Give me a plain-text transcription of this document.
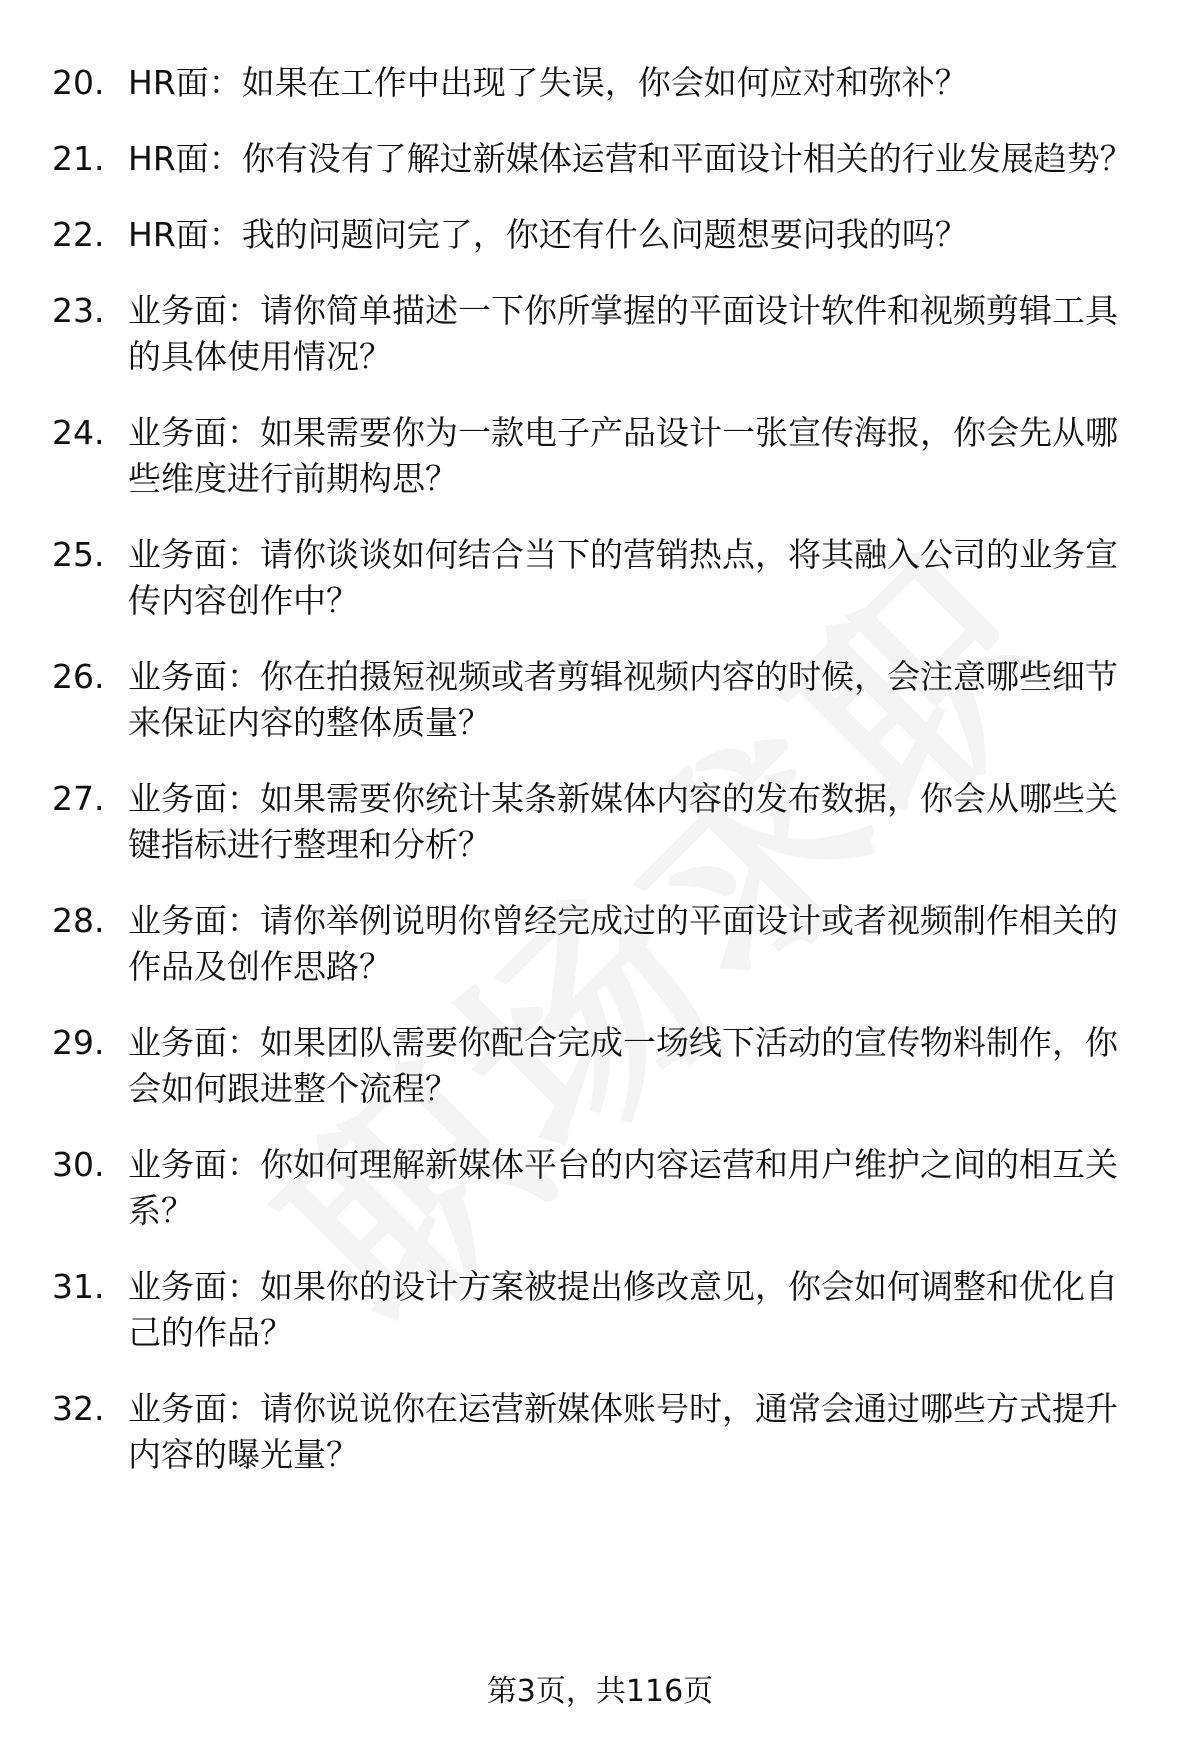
20. HR面：如果在工作中出现了失误，你会如何应对和弥补？
21. HR面：你有没有了解过新媒体运营和平面设计相关的行业发展趋势？
22. HR面：我的问题问完了，你还有什么问题想要问我的吗？
23. 业务面：请你简单描述一下你所掌握的平面设计软件和视频剪辑工具的具体使用情况？
24. 业务面：如果需要你为一款电子产品设计一张宣传海报，你会先从哪些维度进行前期构思？
25. 业务面：请你谈谈如何结合当下的营销热点，将其融入公司的业务宣传内容创作中？
26. 业务面：你在拍摄短视频或者剪辑视频内容的时候，会注意哪些细节来保证内容的整体质量？
27. 业务面：如果需要你统计某条新媒体内容的发布数据，你会从哪些关键指标进行整理和分析？
28. 业务面：请你举例说明你曾经完成过的平面设计或者视频制作相关的作品及创作思路？
29. 业务面：如果团队需要你配合完成一场线下活动的宣传物料制作，你会如何跟进整个流程？
30. 业务面：你如何理解新媒体平台的内容运营和用户维护之间的相互关系？
31. 业务面：如果你的设计方案被提出修改意见，你会如何调整和优化自己的作品？
32. 业务面：请你说说你在运营新媒体账号时，通常会通过哪些方式提升内容的曝光量？
第3页，共116页
